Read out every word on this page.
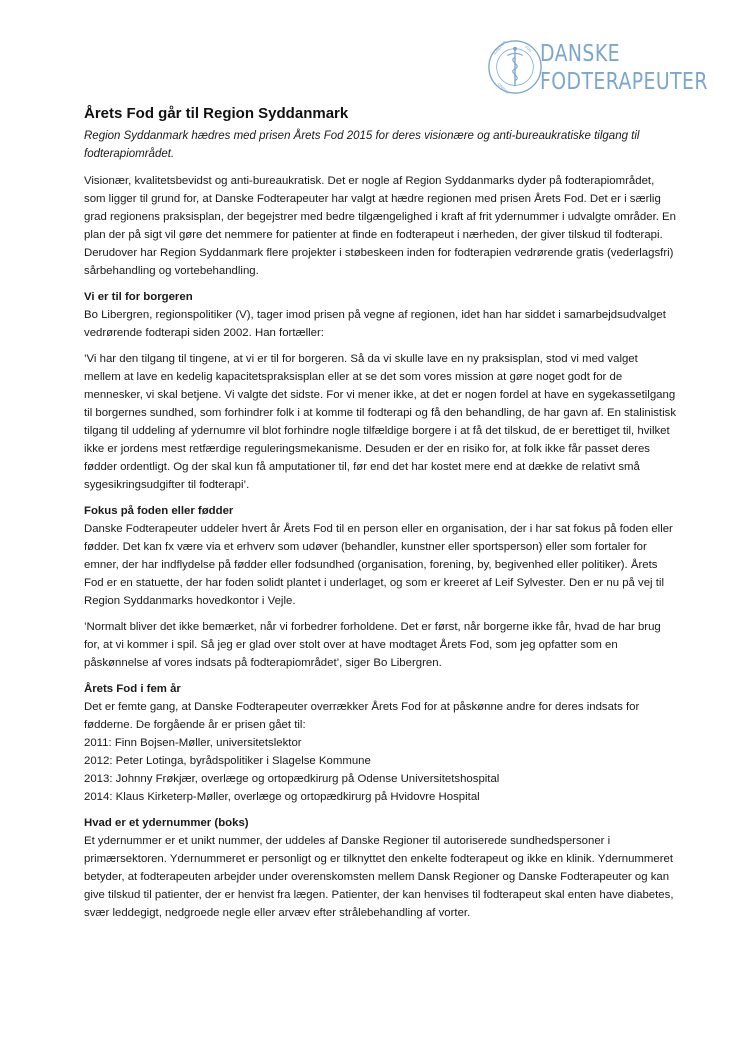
SUNDHED	FOD
DANSKE
DANSKE
FODTERAPEUTER
Årets Fod går til Region Syddanmark
Region Syddanmark hædres med prisen Årets Fod 2015 for deres visionære og anti-bureaukratiske tilgang til fodterapiområdet.

Visionær, kvalitetsbevidst og anti-bureaukratisk. Det er nogle af Region Syddanmarks dyder på fodterapiområdet, som ligger til grund for, at Danske Fodterapeuter har valgt at hædre regionen med prisen Årets Fod. Det er i særlig grad regionens praksisplan, der begejstrer med bedre tilgængelighed i kraft af frit ydernummer i udvalgte områder. En plan der på sigt vil gøre det nemmere for patienter at finde en fodterapeut i nærheden, der giver tilskud til fodterapi. Derudover har Region Syddanmark flere projekter i støbeskeen inden for fodterapien vedrørende gratis (vederlagsfri) sårbehandling og vortebehandling.

Vi er til for borgeren

Bo Libergren, regionspolitiker (V), tager imod prisen på vegne af regionen, idet han har siddet i samarbejdsudvalget vedrørende fodterapi siden 2002. Han fortæller:

’Vi har den tilgang til tingene, at vi er til for borgeren. Så da vi skulle lave en ny praksisplan, stod vi med valget mellem at lave en kedelig kapacitetspraksisplan eller at se det som vores mission at gøre noget godt for de mennesker, vi skal betjene. Vi valgte det sidste. For vi mener ikke, at det er nogen fordel at have en sygekassetilgang til borgernes sundhed, som forhindrer folk i at komme til fodterapi og få den behandling, de har gavn af. En stalinistisk tilgang til uddeling af ydernumre vil blot forhindre nogle tilfældige borgere i at få det tilskud, de er berettiget til, hvilket ikke er jordens mest retfærdige reguleringsmekanisme. Desuden er der en risiko for, at folk ikke får passet deres fødder ordentligt. Og der skal kun få amputationer til, før end det har kostet mere end at dække de relativt små sygesikringsudgifter til fodterapi’.

Fokus på foden eller fødder

Danske Fodterapeuter uddeler hvert år Årets Fod til en person eller en organisation, der i har sat fokus på foden eller fødder. Det kan fx være via et erhverv som udøver (behandler, kunstner eller sportsperson) eller som fortaler for emner, der har indflydelse på fødder eller fodsundhed (organisation, forening, by, begivenhed eller politiker). Årets Fod er en statuette, der har foden solidt plantet i underlaget, og som er kreeret af Leif Sylvester. Den er nu på vej til Region Syddanmarks hovedkontor i Vejle.

’Normalt bliver det ikke bemærket, når vi forbedrer forholdene. Det er først, når borgerne ikke får, hvad de har brug for, at vi kommer i spil. Så jeg er glad over stolt over at have modtaget Årets Fod, som jeg opfatter som en påskønnelse af vores indsats på fodterapiområdet’, siger Bo Libergren.

Årets Fod i fem år
Det er femte gang, at Danske Fodterapeuter overrækker Årets Fod for at påskønne andre for deres indsats for fødderne. De forgående år er prisen gået til:
2011: Finn Bojsen-Møller, universitetslektor
2012: Peter Lotinga, byrådspolitiker i Slagelse Kommune
2013: Johnny Frøkjær, overlæge og ortopædkirurg på Odense Universitetshospital
2014: Klaus Kirketerp-Møller, overlæge og ortopædkirurg på Hvidovre Hospital
Hvad er et ydernummer (boks)

Et ydernummer er et unikt nummer, der uddeles af Danske Regioner til autoriserede sundhedspersoner i primærsektoren. Ydernummeret er personligt og er tilknyttet den enkelte fodterapeut og ikke en klinik. Ydernummeret betyder, at fodterapeuten arbejder under overenskomsten mellem Dansk Regioner og Danske Fodterapeuter og kan give tilskud til patienter, der er henvist fra lægen. Patienter, der kan henvises til fodterapeut skal enten have diabetes, svær leddegigt, nedgroede negle eller arvæv efter strålebehandling af vorter.
